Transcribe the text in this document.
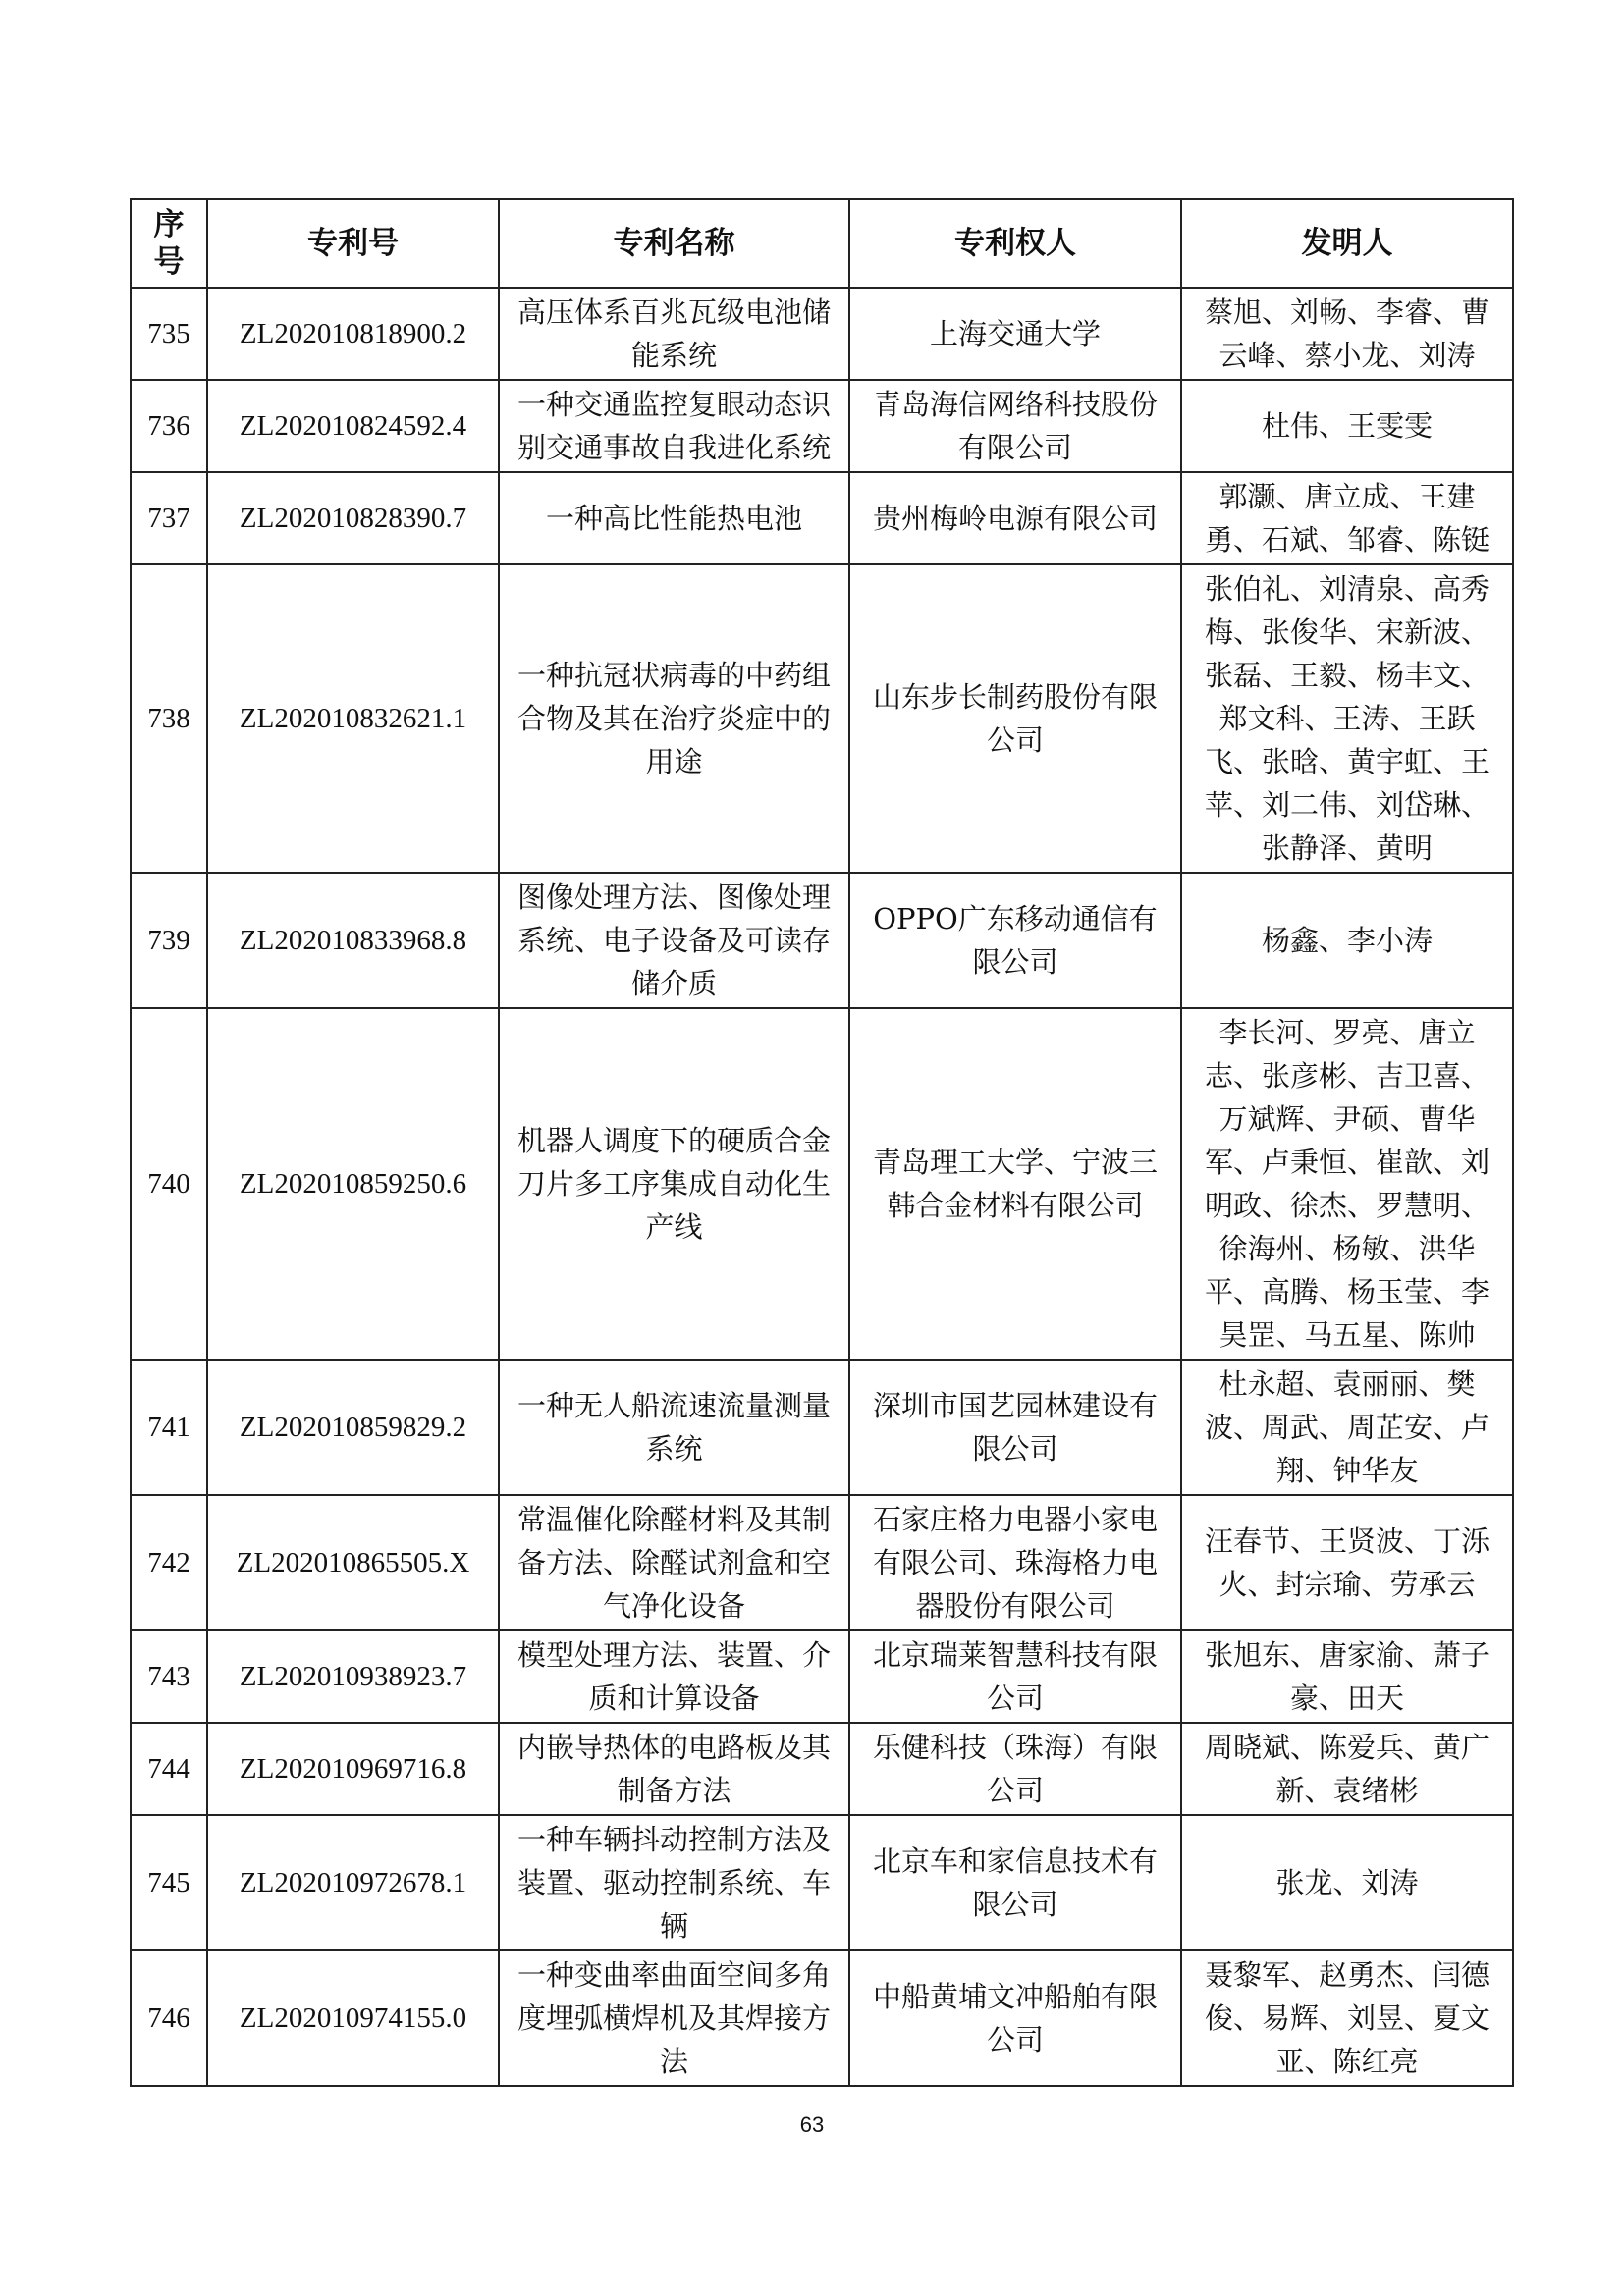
序号	专利号	专利名称	专利权人	发明人
735	ZL202010818900.2	高压体系百兆瓦级电池储能系统	上海交通大学	蔡旭、刘畅、李睿、曹云峰、蔡小龙、刘涛
736	ZL202010824592.4	一种交通监控复眼动态识别交通事故自我进化系统	青岛海信网络科技股份有限公司	杜伟、王雯雯
737	ZL202010828390.7	一种高比性能热电池	贵州梅岭电源有限公司	郭灏、唐立成、王建勇、石斌、邹睿、陈铤
738	ZL202010832621.1	一种抗冠状病毒的中药组合物及其在治疗炎症中的用途	山东步长制药股份有限公司	张伯礼、刘清泉、高秀梅、张俊华、宋新波、张磊、王毅、杨丰文、郑文科、王涛、王跃飞、张晗、黄宇虹、王苹、刘二伟、刘岱琳、张静泽、黄明
739	ZL202010833968.8	图像处理方法、图像处理系统、电子设备及可读存储介质	OPPO广东移动通信有限公司	杨鑫、李小涛
740	ZL202010859250.6	机器人调度下的硬质合金刀片多工序集成自动化生产线	青岛理工大学、宁波三韩合金材料有限公司	李长河、罗亮、唐立志、张彦彬、吉卫喜、万斌辉、尹硕、曹华军、卢秉恒、崔歆、刘明政、徐杰、罗慧明、徐海州、杨敏、洪华平、高腾、杨玉莹、李昊罡、马五星、陈帅
741	ZL202010859829.2	一种无人船流速流量测量系统	深圳市国艺园林建设有限公司	杜永超、袁丽丽、樊波、周武、周芷安、卢翔、钟华友
742	ZL202010865505.X	常温催化除醛材料及其制备方法、除醛试剂盒和空气净化设备	石家庄格力电器小家电有限公司、珠海格力电器股份有限公司	汪春节、王贤波、丁泺火、封宗瑜、劳承云
743	ZL202010938923.7	模型处理方法、装置、介质和计算设备	北京瑞莱智慧科技有限公司	张旭东、唐家渝、萧子豪、田天
744	ZL202010969716.8	内嵌导热体的电路板及其制备方法	乐健科技（珠海）有限公司	周晓斌、陈爱兵、黄广新、袁绪彬
745	ZL202010972678.1	一种车辆抖动控制方法及装置、驱动控制系统、车辆	北京车和家信息技术有限公司	张龙、刘涛
746	ZL202010974155.0	一种变曲率曲面空间多角度埋弧横焊机及其焊接方法	中船黄埔文冲船舶有限公司	聂黎军、赵勇杰、闫德俊、易辉、刘昱、夏文亚、陈红亮
63
